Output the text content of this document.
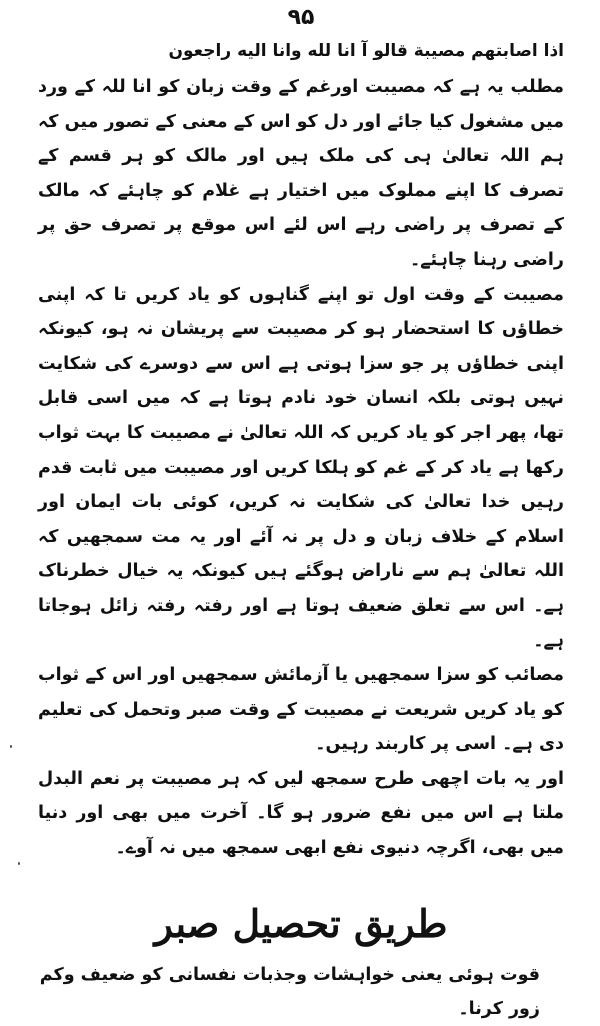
۹۵
اذا اصابتهم مصيبة قالو آ انا لله وانا اليه راجعون

مطلب یہ ہے کہ مصیبت اورغم کے وقت زبان کو انا للہ کے ورد میں مشغول کیا جائے اور دل کو اس کے معنی کے تصور میں کہ ہم اللہ تعالیٰ ہی کی ملک ہیں اور مالک کو ہر قسم کے تصرف کا اپنے مملوک میں اختیار ہے غلام کو چاہئے کہ مالک کے تصرف پر راضی رہے اس لئے اس موقع پر تصرف حق پر راضی رہنا چاہئے۔

مصیبت کے وقت اول تو اپنے گناہوں کو یاد کریں تا کہ اپنی خطاؤں کا استحضار ہو کر مصیبت سے پریشان نہ ہو، کیونکہ اپنی خطاؤں پر جو سزا ہوتی ہے اس سے دوسرے کی شکایت نہیں ہوتی بلکہ انسان خود نادم ہوتا ہے کہ میں اسی قابل تھا، پھر اجر کو یاد کریں کہ اللہ تعالیٰ نے مصیبت کا بہت ثواب رکھا ہے یاد کر کے غم کو ہلکا کریں اور مصیبت میں ثابت قدم رہیں خدا تعالیٰ کی شکایت نہ کریں، کوئی بات ایمان اور اسلام کے خلاف زبان و دل پر نہ آئے اور یہ مت سمجھیں کہ اللہ تعالیٰ ہم سے ناراض ہوگئے ہیں کیونکہ یہ خیال خطرناک ہے۔ اس سے تعلق ضعیف ہوتا ہے اور رفتہ رفتہ زائل ہوجاتا ہے۔

مصائب کو سزا سمجھیں یا آزمائش سمجھیں اور اس کے ثواب کو یاد کریں شریعت نے مصیبت کے وقت صبر وتحمل کی تعلیم دی ہے۔ اسی پر کاربند رہیں۔

اور یہ بات اچھی طرح سمجھ لیں کہ ہر مصیبت پر نعم البدل ملتا ہے اس میں نفع ضرور ہو گا۔ آخرت میں بھی اور دنیا میں بھی، اگرچہ دنیوی نفع ابھی سمجھ میں نہ آوے۔

طریق تحصیل صبر

قوت ہوئی یعنی خواہشات وجذبات نفسانی کو ضعیف وکم زور کرنا۔
